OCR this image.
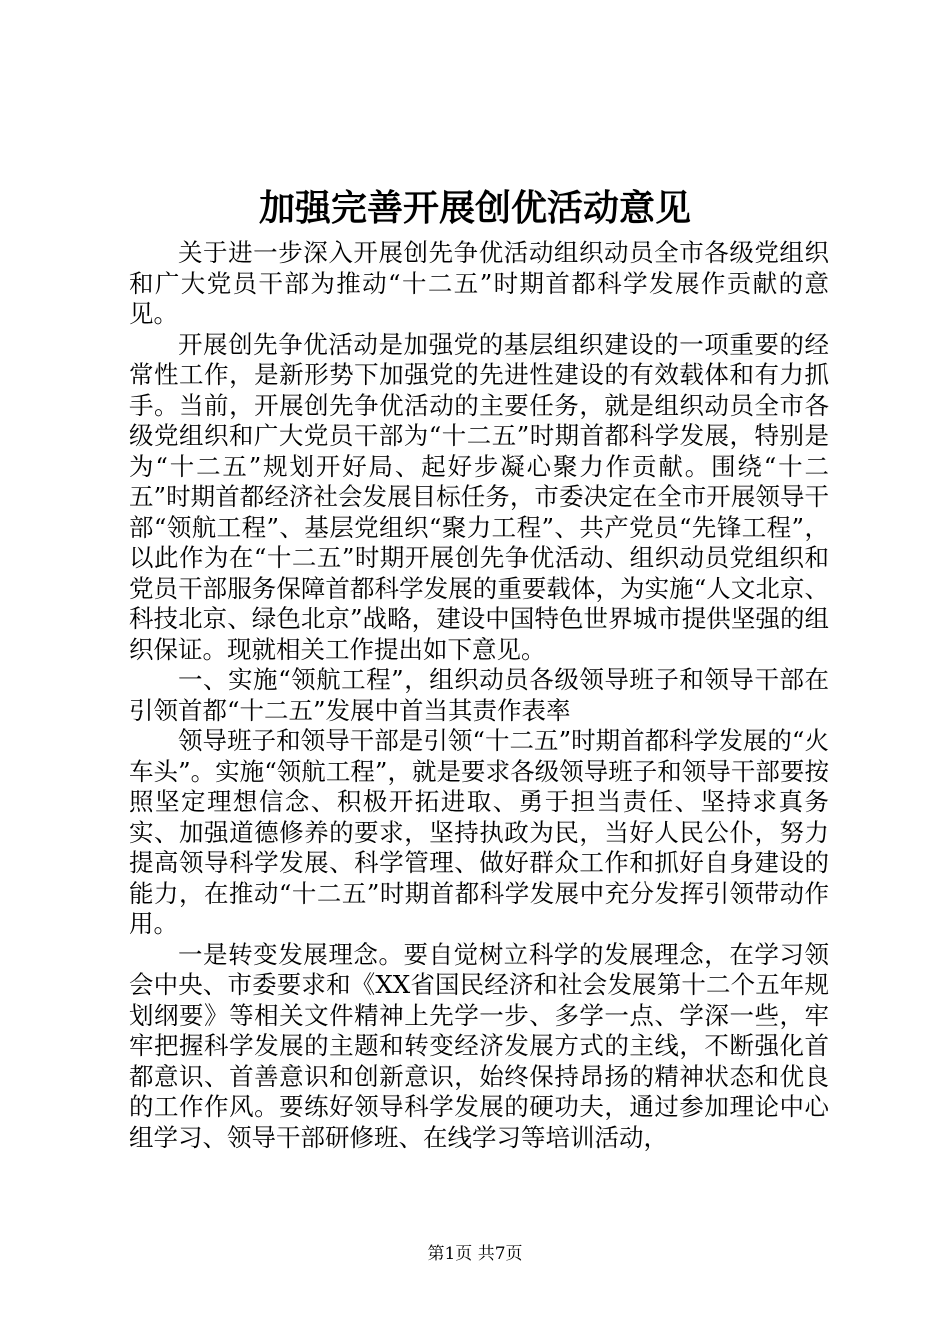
加强完善开展创优活动意见

关于进一步深入开展创先争优活动组织动员全市各级党组织和广大党员干部为推动“十二五”时期首都科学发展作贡献的意见。

开展创先争优活动是加强党的基层组织建设的一项重要的经常性工作，是新形势下加强党的先进性建设的有效载体和有力抓手。当前，开展创先争优活动的主要任务，就是组织动员全市各级党组织和广大党员干部为“十二五”时期首都科学发展，特别是为“十二五”规划开好局、起好步凝心聚力作贡献。围绕“十二五”时期首都经济社会发展目标任务，市委决定在全市开展领导干部“领航工程”、基层党组织“聚力工程”、共产党员“先锋工程”，以此作为在“十二五”时期开展创先争优活动、组织动员党组织和党员干部服务保障首都科学发展的重要载体，为实施“人文北京、科技北京、绿色北京”战略，建设中国特色世界城市提供坚强的组织保证。现就相关工作提出如下意见。

一、实施“领航工程”，组织动员各级领导班子和领导干部在引领首都“十二五”发展中首当其责作表率

领导班子和领导干部是引领“十二五”时期首都科学发展的“火车头”。实施“领航工程”，就是要求各级领导班子和领导干部要按照坚定理想信念、积极开拓进取、勇于担当责任、坚持求真务实、加强道德修养的要求，坚持执政为民，当好人民公仆，努力提高领导科学发展、科学管理、做好群众工作和抓好自身建设的能力，在推动“十二五”时期首都科学发展中充分发挥引领带动作用。

一是转变发展理念。要自觉树立科学的发展理念，在学习领会中央、市委要求和《XX省国民经济和社会发展第十二个五年规划纲要》等相关文件精神上先学一步、多学一点、学深一些，牢牢把握科学发展的主题和转变经济发展方式的主线，不断强化首都意识、首善意识和创新意识，始终保持昂扬的精神状态和优良的工作作风。要练好领导科学发展的硬功夫，通过参加理论中心组学习、领导干部研修班、在线学习等培训活动，

第1页 共7页
